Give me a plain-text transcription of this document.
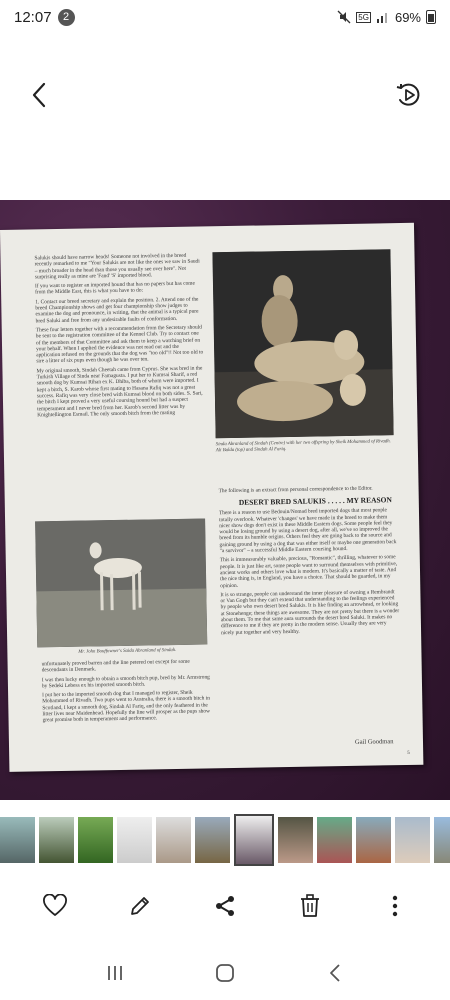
12:07	2	5G 69%

Salukis should have narrow heads! Someone not involved in the breed recently remarked to me "Your Salukis are not like the ones we saw in Saudi – much broader in the head than those you usually see over here". Not surprising really as mine are 'Fand' 'S' imported blood.

If you want to register an imported hound that has no papers but has come from the Middle East, this is what you have to do:

1. Contact our breed secretary and explain the position. 2. Attend one of the breed Championship shows and get four championship show judges to examine the dog and pronounce, in writing, that the animal is a typical pure bred Saluki and free from any undesirable faults of conformation.

These four letters together with a recommendation from the Secretary should be sent to the registration committee of the Kennel Club. Try to contact one of the members of that Committee and ask them to keep a watching brief on your behalf. When I applied the evidence was not read out and the application refused on the grounds that the dog was "too old"!! Not too old to sire a litter of six pups even though he was over ten.

My original smooth, Sindah Cheetah came from Cyprus. She was bred in the Turkish Village of Sinda near Famagusta. I put her to Kumsai Sharif, a red smooth dog by Kumsai Rihan ex K. Dhiba, both of whom were imported. I kept a bitch, S. Karob whose first mating to Hasana Rafiq was not a great success. Rafiq was very close bred with Kumsai blood on both sides. S. Sari, the bitch I kept proved a very useful coursing hound but had a suspect temperament and I never bred from her. Karob's second litter was by Knightellington Esmail. The only smooth bitch from the mating

Sinda Abranland of Sindah (Centre) with her two offspring by Sheik Mohammed of Rivadh. Ali Balda (top) and Sindah Al Fariq.

The following is an extract from personal correspondence to the Editor.

DESERT BRED SALUKIS . . . . . MY REASON

There is a reason to use Bedouin/Nomad bred imported dogs that most people totally overlook. Whatever 'changes' we have made in the breed to make them nicer show dogs don't exist in these Middle Eastern dogs. Some people feel they would be losing ground by using a desert dog, after all, we've so improved the breed from its humble origins. Others feel they are going back to the source and gaining ground by using a dog that was either itself or maybe one generation back "a survivor" – a successful Middle Eastern coursing hound.

This is immeasurably valuable, precious, "Romantic", thrilling, whatever to some people. It is just like art, some people want to surround themselves with primitive, ancient works and others love what is modern. It's basically a matter of taste. And the nice thing is, in England, you have a choice. That should be guarded, in my opinion.

It is so strange, people can understand the inner pleasure of owning a Rembrandt or Van Gogh but they can't extend that understanding to the feelings experienced by people who own desert bred Salukis. It is like finding an arrowhead, or looking at Stonehenge; these things are awesome. They are not pretty but there is a wonder about them. To me that same aura surrounds the desert bred Saluki. It makes no difference to me if they are pretty in the modern sense. Usually they are very nicely put together and very healthy.

Mr. John Bouffowner's Saida Abranland of Sindah.

unfortunately proved barren and the line petered out except for some descendants in Denmark.

I was then lucky enough to obtain a smooth bitch pup, bred by Mr. Armstrong by Sedeki Lebess ex his imported smooth bitch.

I put her to the imported smooth dog that I managed to register, Sheik Mohammed of Rivadh. Two pups went to Australia, there is a smooth bitch in Scotland, I kept a smooth dog, Sindah Al Fariq, and the only feathered in the litter lives near Maidenhead. Hopefully the line will prosper as the pups show great promise both in temperament and performance.

Gail Goodman
5
